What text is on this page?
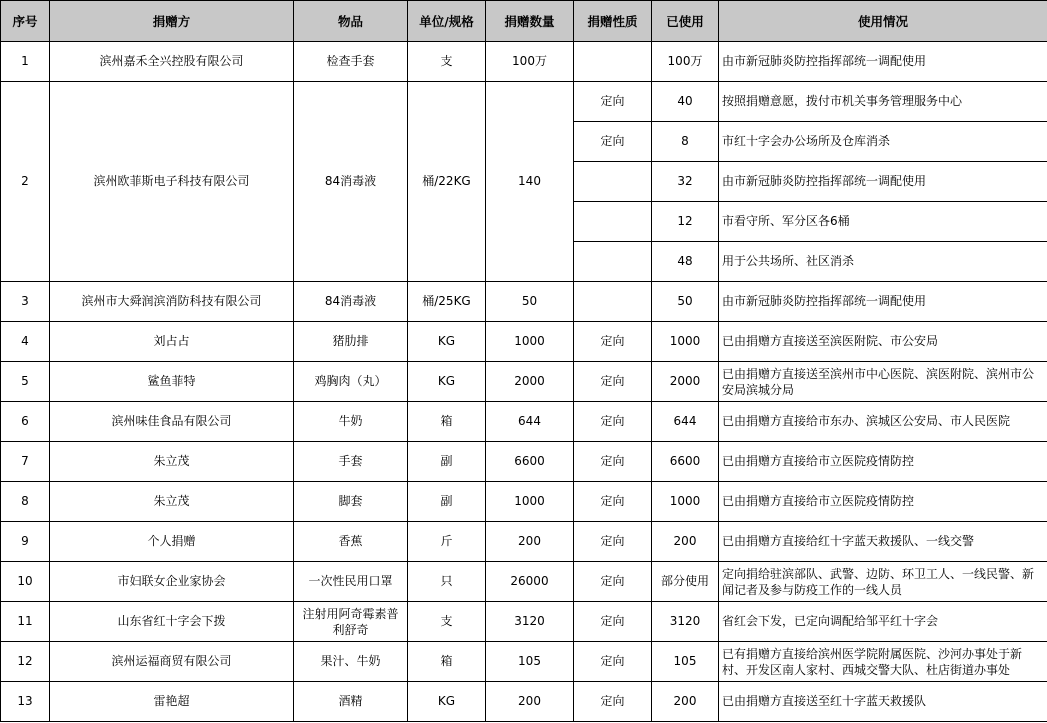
序号	捐赠方	物品	单位/规格	捐赠数量	捐赠性质	已使用	使用情况
1	滨州嘉禾全兴控股有限公司	检查手套	支	100万		100万	由市新冠肺炎防控指挥部统一调配使用
2	滨州欧菲斯电子科技有限公司	84消毒液	桶/22KG	140	定向	40	按照捐赠意愿，拨付市机关事务管理服务中心
					定向	8	市红十字会办公场所及仓库消杀
						32	由市新冠肺炎防控指挥部统一调配使用
						12	市看守所、军分区各6桶
						48	用于公共场所、社区消杀
3	滨州市大舜润滨消防科技有限公司	84消毒液	桶/25KG	50		50	由市新冠肺炎防控指挥部统一调配使用
4	刘占占	猪肋排	KG	1000	定向	1000	已由捐赠方直接送至滨医附院、市公安局
5	鲨鱼菲特	鸡胸肉（丸）	KG	2000	定向	2000	已由捐赠方直接送至滨州市中心医院、滨医附院、滨州市公安局滨城分局
6	滨州味佳食品有限公司	牛奶	箱	644	定向	644	已由捐赠方直接给市东办、滨城区公安局、市人民医院
7	朱立茂	手套	副	6600	定向	6600	已由捐赠方直接给市立医院疫情防控
8	朱立茂	脚套	副	1000	定向	1000	已由捐赠方直接给市立医院疫情防控
9	个人捐赠	香蕉	斤	200	定向	200	已由捐赠方直接给红十字蓝天救援队、一线交警
10	市妇联女企业家协会	一次性民用口罩	只	26000	定向	部分使用	定向捐给驻滨部队、武警、边防、环卫工人、一线民警、新闻记者及参与防疫工作的一线人员
11	山东省红十字会下拨	注射用阿奇霉素普利舒奇	支	3120	定向	3120	省红会下发，已定向调配给邹平红十字会
12	滨州运福商贸有限公司	果汁、牛奶	箱	105	定向	105	已有捐赠方直接给滨州医学院附属医院、沙河办事处于新村、开发区南人家村、西城交警大队、杜店街道办事处
13	雷艳超	酒精	KG	200	定向	200	已由捐赠方直接送至红十字蓝天救援队
